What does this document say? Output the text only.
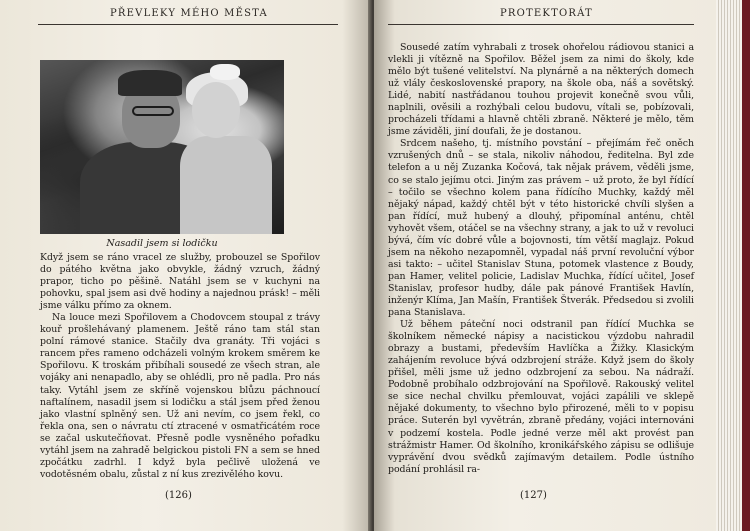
PŘEVLEKY MÉHO MĚSTA
Nasadil jsem si lodičku

Když jsem se ráno vracel ze služby, probouzel se Spořilov do pátého května jako obvykle, žádný vzruch, žádný prapor, ticho po pěšině. Natáhl jsem se v kuchyni na pohovku, spal jsem asi dvě hodiny a najednou prásk! – měli jsme válku přímo za oknem.

Na louce mezi Spořilovem a Chodovcem stoupal z trávy kouř prošlehávaný plamenem. Ještě ráno tam stál stan polní rámové stanice. Stačily dva granáty. Tři vojáci s rancem přes rameno odcházeli volným krokem směrem ke Spořilovu. K troskám přibíhali sousedé ze všech stran, ale vojáky ani nenapadlo, aby se ohlédli, pro ně padla. Pro nás taky. Vytáhl jsem ze skříně vojenskou blůzu páchnoucí naftalínem, nasadil jsem si lodičku a stál jsem před ženou jako vlastní splněný sen. Už ani nevím, co jsem řekl, co řekla ona, sen o návratu ctí ztracené v osmatřicátém roce se začal uskutečňovat. Přesně podle vysněného pořadku vytáhl jsem na zahradě belgickou pistoli FN a sem se hned zpočátku zadrhl. I když byla pečlivě uložená ve vodotěsném obalu, zůstal z ní kus zrezivělého kovu.

(126)
PROTEKTORÁT

Sousedé zatím vyhrabali z trosek ohořelou rádiovou stanici a vlekli ji vítězně na Spořilov. Běžel jsem za nimi do školy, kde mělo být tušené velitelství. Na plynárně a na některých domech už vlály československé prapory, na škole oba, náš a sovětský. Lidé, nabití nastřádanou touhou projevit konečně svou vůli, naplnili, ověsili a rozhýbali celou budovu, vítali se, pobízovali, procházeli třídami a hlavně chtěli zbraně. Některé je mělo, těm jsme záviděli, jiní doufali, že je dostanou.

Srdcem našeho, tj. místního povstání – přejímám řeč oněch vzrušených dnů – se stala, nikoliv náhodou, ředitelna. Byl zde telefon a u něj Zuzanka Kočová, tak nějak právem, věděli jsme, co se stalo jejímu otci. Jiným zas právem – už proto, že byl řídící – točilo se všechno kolem pana řídícího Muchky, každý měl nějaký nápad, každý chtěl být v této historické chvíli slyšen a pan řídící, muž hubený a dlouhý, připomínal anténu, chtěl vyhovět všem, otáčel se na všechny strany, a jak to už v revoluci bývá, čím víc dobré vůle a bojovnosti, tím větší maglajz. Pokud jsem na někoho nezapomněl, vypadal náš první revoluční výbor asi takto: – učitel Stanislav Stuna, potomek vlastence z Boudy, pan Hamer, velitel policie, Ladislav Muchka, řídící učitel, Josef Stanislav, profesor hudby, dále pak pánové František Havlín, inženýr Klíma, Jan Mašín, František Štverák. Předsedou si zvolili pana Stanislava.

Už během páteční noci odstranil pan řídící Muchka se školníkem německé nápisy a nacistickou výzdobu nahradil obrazy a bustami, především Havlíčka a Žižky. Klasickým zahájením revoluce bývá odzbrojení stráže. Když jsem do školy přišel, měli jsme už jedno odzbrojení za sebou. Na nádraží. Podobně probíhalo odzbrojování na Spořilově. Rakouský velitel se sice nechal chvilku přemlouvat, vojáci zapálili ve sklepě nějaké dokumenty, to všechno bylo přirozené, měli to v popisu práce. Suterén byl vyvětrán, zbraně předány, vojáci internováni v podzemí kostela. Podle jedné verze měl akt provést pan strážmistr Hamer. Od školního, kronikářského zápisu se odlišuje vyprávění dvou svědků zajímavým detailem. Podle ústního podání prohlásil ra-

(127)
